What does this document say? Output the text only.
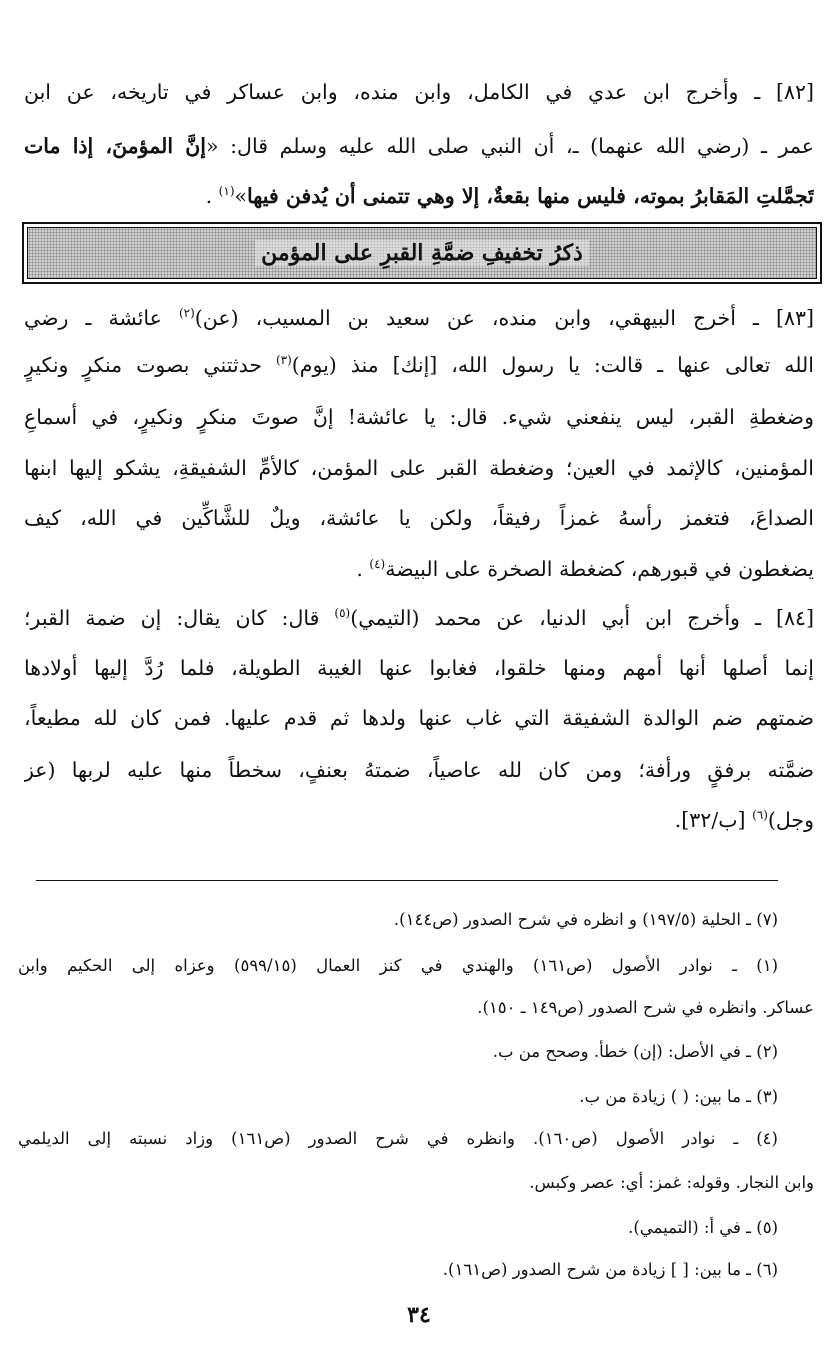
[٨٢] ـ وأخرج ابن عدي في الكامل، وابن منده، وابن عساكر في تاريخه، عن ابن
عمر ـ (رضي الله عنهما) ـ، أن النبي صلى الله عليه وسلم قال: «إنَّ المؤمنَ، إذا مات
تَجمَّلتِ المَقابرُ بموته، فليس منها بقعةٌ، إلا وهي تتمنى أن يُدفن فيها»$^{(١)}$ .
ذكرُ تخفيفِ ضمَّةِ القبرِ على المؤمن
[٨٣] ـ أخرج البيهقي، وابن منده، عن سعيد بن المسيب، (عن)$^{(٢)}$ عائشة ـ رضي
الله تعالى عنها ـ قالت: يا رسول الله، [إنك] منذ (يوم)$^{(٣)}$ حدثتني بصوت منكرٍ ونكيرٍ
وضغطةِ القبر، ليس ينفعني شيء. قال: يا عائشة! إنَّ صوتَ منكرٍ ونكيرٍ، في أسماعِ
المؤمنين، كالإثمد في العين؛ وضغطة القبر على المؤمن، كالأمِّ الشفيقةِ، يشكو إليها ابنها
الصداعَ، فتغمز رأسهُ غمزاً رفيقاً، ولكن يا عائشة، ويلٌ للشَّاكِّين في الله، كيف
يضغطون في قبورهم، كضغطة الصخرة على البيضة$^{(٤)}$ .
[٨٤] ـ وأخرج ابن أبي الدنيا، عن محمد (التيمي)$^{(٥)}$ قال: كان يقال: إن ضمة القبر؛
إنما أصلها أنها أمهم ومنها خلقوا، فغابوا عنها الغيبة الطويلة، فلما رُدَّ إليها أولادها
ضمتهم ضم الوالدة الشفيقة التي غاب عنها ولدها ثم قدم عليها. فمن كان لله مطيعاً،
ضمَّته برفقٍ ورأفة؛ ومن كان لله عاصياً، ضمتهُ بعنفٍ، سخطاً منها عليه لربها (عز
وجل)$^{(٦)}$ [ب/٣٢].
(٧) ـ الحلية (١٩٧/٥) و انظره في شرح الصدور (ص١٤٤).
(١) ـ نوادر الأصول (ص١٦١) والهندي في كنز العمال (٥٩٩/١٥) وعزاه إلى الحكيم وابن
عساكر. وانظره في شرح الصدور (ص١٤٩ ـ ١٥٠).
(٢) ـ في الأصل: (إن) خطأ. وصحح من ب.
(٣) ـ ما بين: ( ) زيادة من ب.
(٤) ـ نوادر الأصول (ص١٦٠). وانظره في شرح الصدور (ص١٦١) وزاد نسبته إلى الديلمي
وابن النجار. وقوله: غمز: أي: عصر وكبس.
(٥) ـ في أ: (التميمي).
(٦) ـ ما بين: [ ] زيادة من شرح الصدور (ص١٦١).
٣٤
